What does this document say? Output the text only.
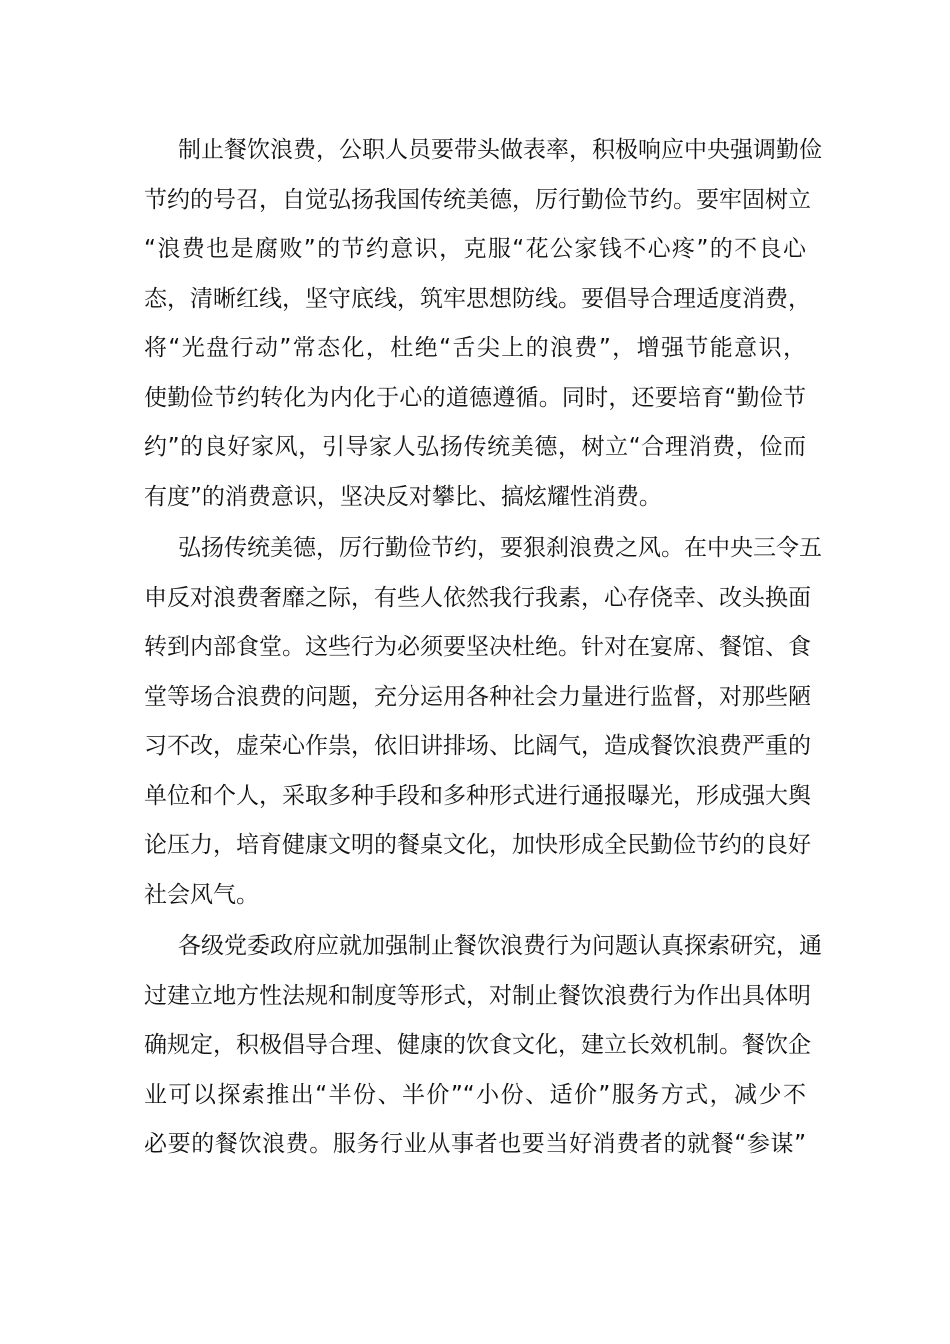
制止餐饮浪费，公职人员要带头做表率，积极响应中央强调勤俭
节约的号召，自觉弘扬我国传统美德，厉行勤俭节约。要牢固树立
“浪费也是腐败”的节约意识，克服“花公家钱不心疼”的不良心
态，清晰红线，坚守底线，筑牢思想防线。要倡导合理适度消费，
将“光盘行动”常态化，杜绝“舌尖上的浪费”，增强节能意识，
使勤俭节约转化为内化于心的道德遵循。同时，还要培育“勤俭节
约”的良好家风，引导家人弘扬传统美德，树立“合理消费，俭而
有度”的消费意识，坚决反对攀比、搞炫耀性消费。
弘扬传统美德，厉行勤俭节约，要狠刹浪费之风。在中央三令五
申反对浪费奢靡之际，有些人依然我行我素，心存侥幸、改头换面
转到内部食堂。这些行为必须要坚决杜绝。针对在宴席、餐馆、食
堂等场合浪费的问题，充分运用各种社会力量进行监督，对那些陋
习不改，虚荣心作祟，依旧讲排场、比阔气，造成餐饮浪费严重的
单位和个人，采取多种手段和多种形式进行通报曝光，形成强大舆
论压力，培育健康文明的餐桌文化，加快形成全民勤俭节约的良好
社会风气。
各级党委政府应就加强制止餐饮浪费行为问题认真探索研究，通
过建立地方性法规和制度等形式，对制止餐饮浪费行为作出具体明
确规定，积极倡导合理、健康的饮食文化，建立长效机制。餐饮企
业可以探索推出“半份、半价”“小份、适价”服务方式，减少不
必要的餐饮浪费。服务行业从事者也要当好消费者的就餐“参谋”
